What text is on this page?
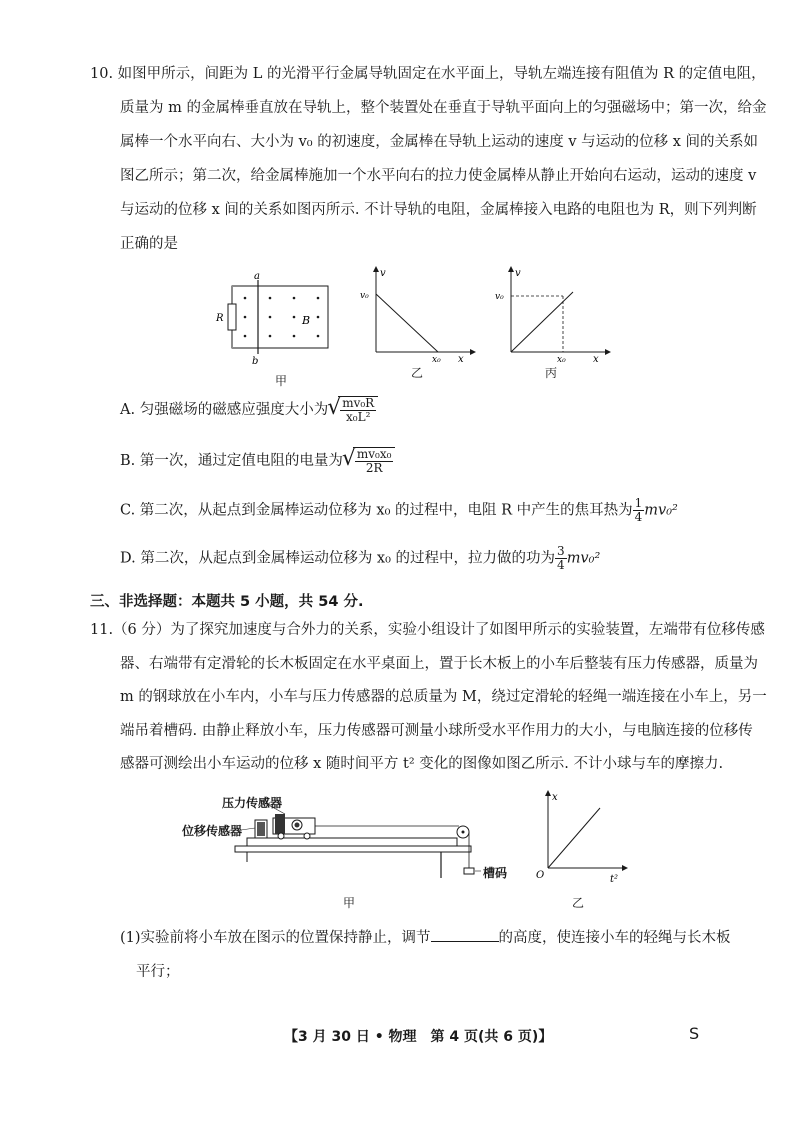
10. 如图甲所示，间距为 L 的光滑平行金属导轨固定在水平面上，导轨左端连接有阻值为 R 的定值电阻，
质量为 m 的金属棒垂直放在导轨上，整个装置处在垂直于导轨平面向上的匀强磁场中；第一次，给金
属棒一个水平向右、大小为 v₀ 的初速度，金属棒在导轨上运动的速度 v 与运动的位移 x 间的关系如
图乙所示；第二次，给金属棒施加一个水平向右的拉力使金属棒从静止开始向右运动，运动的速度 v
与运动的位移 x 间的关系如图丙所示. 不计导轨的电阻，金属棒接入电路的电阻也为 R，则下列判断
正确的是
a
b
R	B
甲
v
x
v₀
x₀
乙
v
x
v₀
x₀
丙
A. 匀强磁场的磁感应强度大小为 √ $\frac{\text{mv₀R}}{\text{x₀L²}}$
B. 第一次，通过定值电阻的电量为 √ $\frac{\text{mv₀x₀}}{2R}$
C. 第二次，从起点到金属棒运动位移为 x₀ 的过程中，电阻 R 中产生的焦耳热为 $\frac{1}{4} mv_0^2$
D. 第二次，从起点到金属棒运动位移为 x₀ 的过程中，拉力做的功为 $\frac{3}{4} mv_0^2$
三、非选择题：本题共 5 小题，共 54 分.
11.（6 分）为了探究加速度与合外力的关系，实验小组设计了如图甲所示的实验装置，左端带有位移传感
器、右端带有定滑轮的长木板固定在水平桌面上，置于长木板上的小车后整装有压力传感器，质量为
m 的钢球放在小车内，小车与压力传感器的总质量为 M，绕过定滑轮的轻绳一端连接在小车上，另一
端吊着槽码. 由静止释放小车，压力传感器可测量小球所受水平作用力的大小，与电脑连接的位移传
感器可测绘出小车运动的位移 x 随时间平方 t² 变化的图像如图乙所示. 不计小球与车的摩擦力.
压力传感器
位移传感器
槽码
甲
x
O	t²
乙
(1)实验前将小车放在图示的位置保持静止，调节	的高度，使连接小车的轻绳与长木板
平行；
【3 月 30 日 • 物理　第 4 页(共 6 页)】	S
